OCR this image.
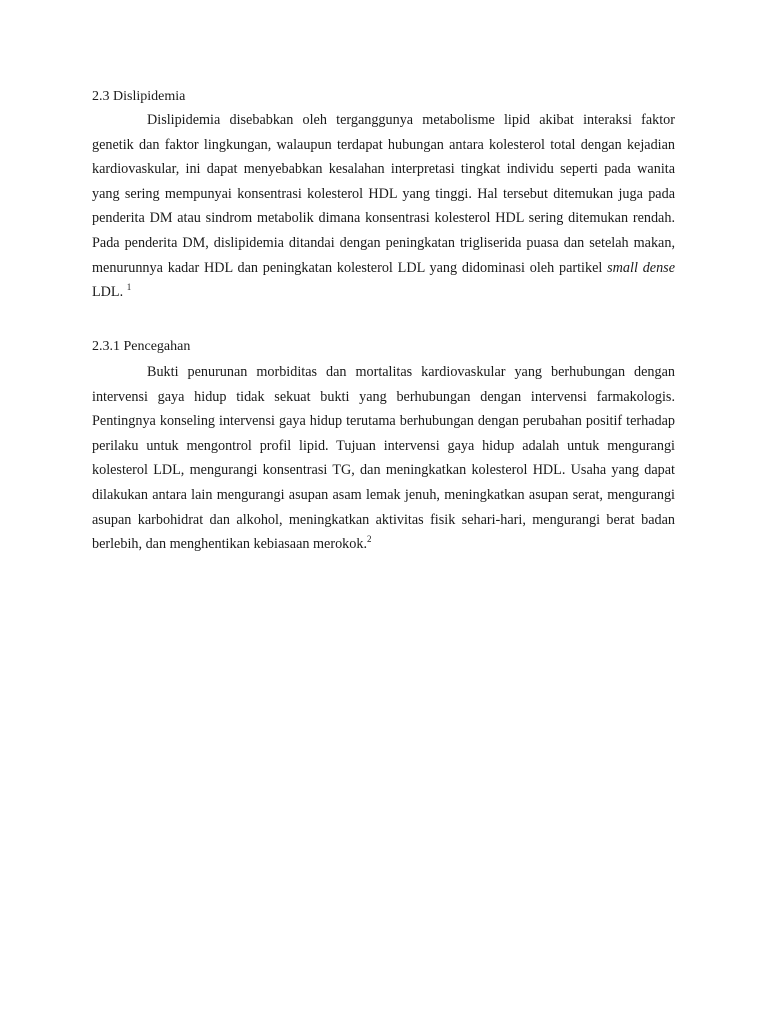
2.3 Dislipidemia

Dislipidemia disebabkan oleh terganggunya metabolisme lipid akibat interaksi faktor genetik dan faktor lingkungan, walaupun terdapat hubungan antara kolesterol total dengan kejadian kardiovaskular, ini dapat menyebabkan kesalahan interpretasi tingkat individu seperti pada wanita yang sering mempunyai konsentrasi kolesterol HDL yang tinggi. Hal tersebut ditemukan juga pada penderita DM atau sindrom metabolik dimana konsentrasi kolesterol HDL sering ditemukan rendah. Pada penderita DM, dislipidemia ditandai dengan peningkatan trigliserida puasa dan setelah makan, menurunnya kadar HDL dan peningkatan kolesterol LDL yang didominasi oleh partikel small dense LDL. $^1$

2.3.1 Pencegahan

Bukti penurunan morbiditas dan mortalitas kardiovaskular yang berhubungan dengan intervensi gaya hidup tidak sekuat bukti yang berhubungan dengan intervensi farmakologis. Pentingnya konseling intervensi gaya hidup terutama berhubungan dengan perubahan positif terhadap perilaku untuk mengontrol profil lipid. Tujuan intervensi gaya hidup adalah untuk mengurangi kolesterol LDL, mengurangi konsentrasi TG, dan meningkatkan kolesterol HDL. Usaha yang dapat dilakukan antara lain mengurangi asupan asam lemak jenuh, meningkatkan asupan serat, mengurangi asupan karbohidrat dan alkohol, meningkatkan aktivitas fisik sehari-hari, mengurangi berat badan berlebih, dan menghentikan kebiasaan merokok.$^2$
